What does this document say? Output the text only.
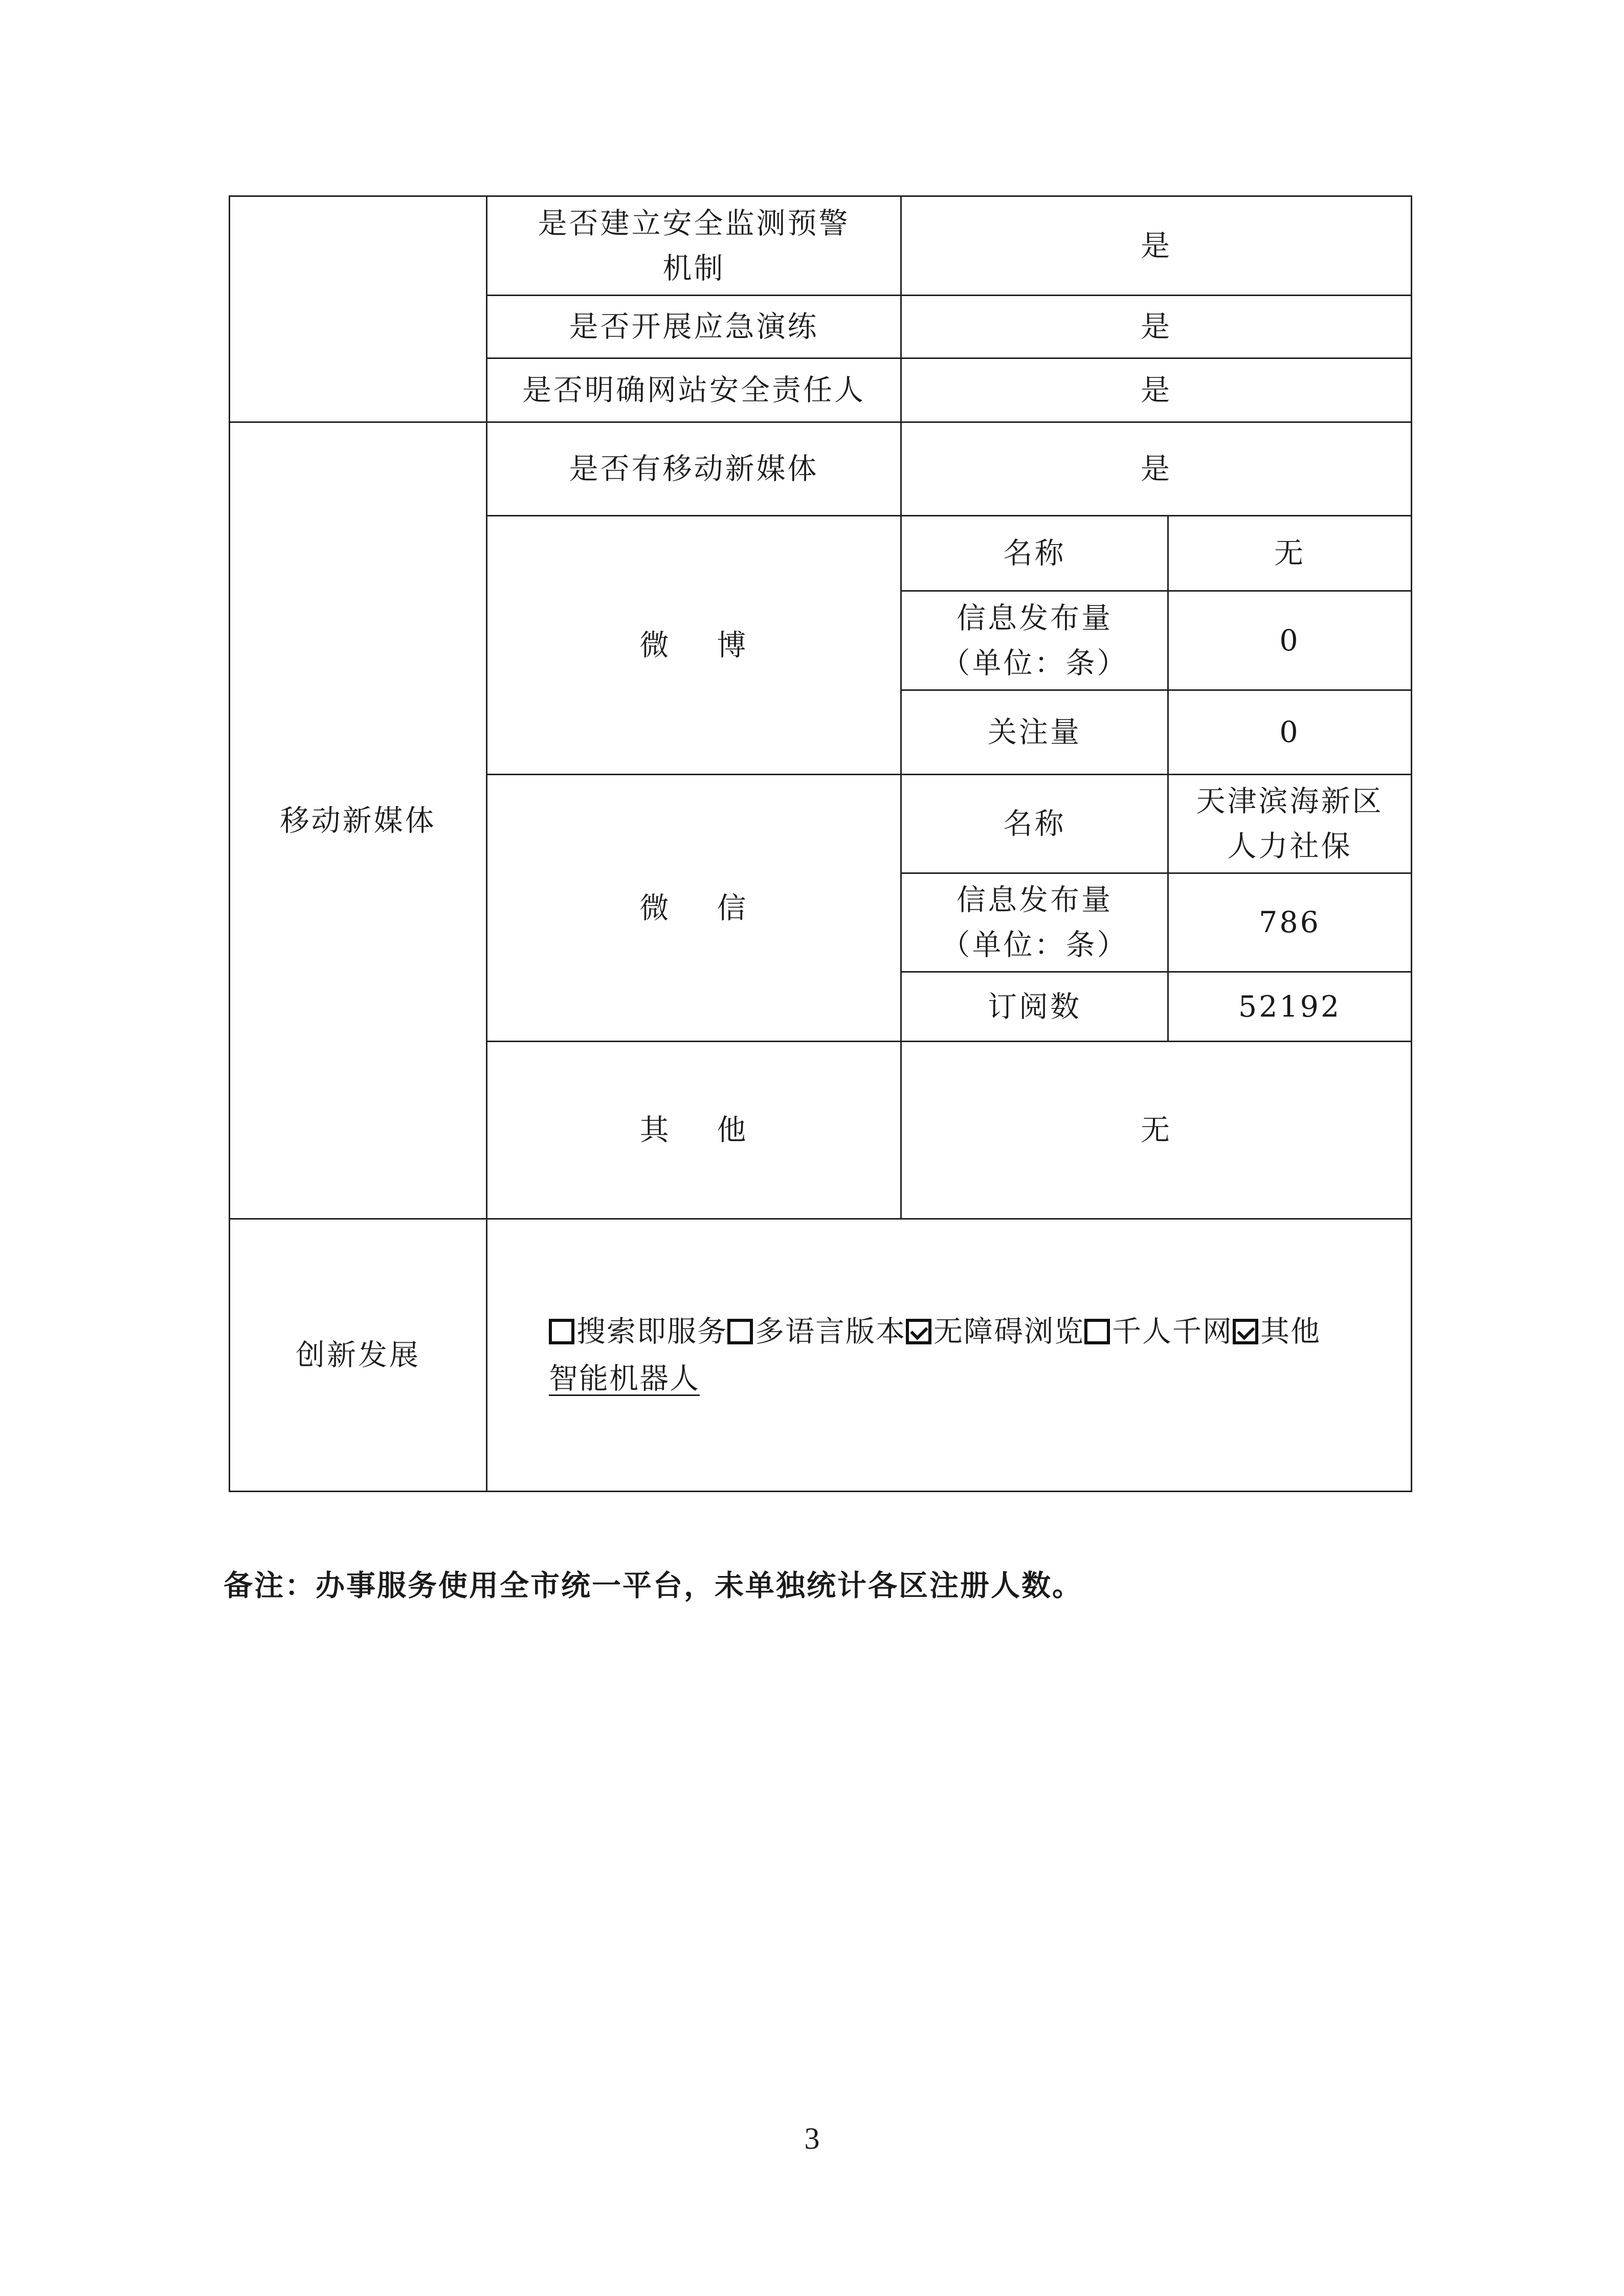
	是否建立安全监测预警机制	是	
	是否开展应急演练	是	
	是否明确网站安全责任人	是	
移动新媒体	是否有移动新媒体	是	
	微 博	名称	无
		信息发布量
（单位：条）	0
		关注量	0
	微 信	名称	天津滨海新区
人力社保
		信息发布量
（单位：条）	786
		订阅数	52192
	其 他	无	
创新发展	搜索即服务 多语言版本 无障碍浏览 千人千网 其他
智能机器人		
备注：办事服务使用全市统一平台，未单独统计各区注册人数。
3
